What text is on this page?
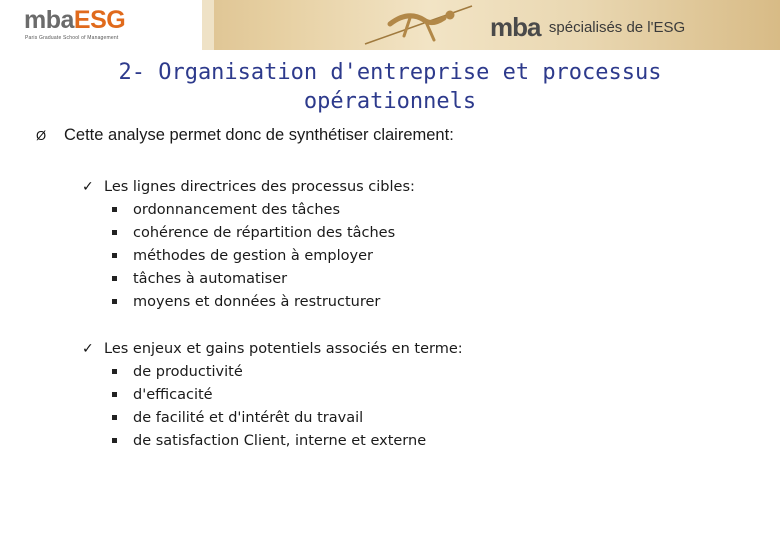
mbaESG
Paris Graduate School of Management	mba spécialisés de l'ESG
2- Organisation d'entreprise et processus
opérationnels
Ø Cette analyse permet donc de synthétiser clairement:
✓ Les lignes directrices des processus cibles:
ordonnancement des tâches
cohérence de répartition des tâches
méthodes de gestion à employer
tâches à automatiser
moyens et données à restructurer
✓ Les enjeux et gains potentiels associés en terme:
de productivité
d'efficacité
de facilité et d'intérêt du travail
de satisfaction Client, interne et externe
